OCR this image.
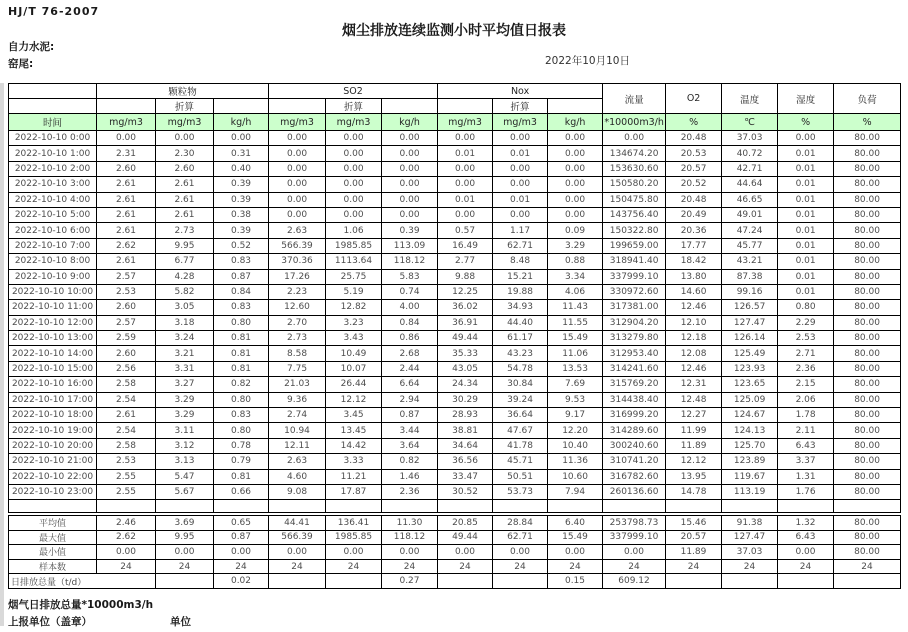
HJ/T 76-2007
烟尘排放连续监测小时平均值日报表
自力水泥:
窑尾:	2022年10月10日
	颗粒物			SO2			Nox			流量	O2	温度	湿度	负荷
		折算			折算			折算						
时间	mg/m3	mg/m3	kg/h	mg/m3	mg/m3	kg/h	mg/m3	mg/m3	kg/h	*10000m3/h	%	℃	%	%
2022-10-10 0:00	0.00	0.00	0.00	0.00	0.00	0.00	0.00	0.00	0.00	0.00	20.48	37.03	0.00	80.00
2022-10-10 1:00	2.31	2.30	0.31	0.00	0.00	0.00	0.01	0.01	0.00	134674.20	20.53	40.72	0.01	80.00
2022-10-10 2:00	2.60	2.60	0.40	0.00	0.00	0.00	0.00	0.00	0.00	153630.60	20.57	42.71	0.01	80.00
2022-10-10 3:00	2.61	2.61	0.39	0.00	0.00	0.00	0.00	0.00	0.00	150580.20	20.52	44.64	0.01	80.00
2022-10-10 4:00	2.61	2.61	0.39	0.00	0.00	0.00	0.01	0.01	0.00	150475.80	20.48	46.65	0.01	80.00
2022-10-10 5:00	2.61	2.61	0.38	0.00	0.00	0.00	0.00	0.00	0.00	143756.40	20.49	49.01	0.01	80.00
2022-10-10 6:00	2.61	2.73	0.39	2.63	1.06	0.39	0.57	1.17	0.09	150322.80	20.36	47.24	0.01	80.00
2022-10-10 7:00	2.62	9.95	0.52	566.39	1985.85	113.09	16.49	62.71	3.29	199659.00	17.77	45.77	0.01	80.00
2022-10-10 8:00	2.61	6.77	0.83	370.36	1113.64	118.12	2.77	8.48	0.88	318941.40	18.42	43.21	0.01	80.00
2022-10-10 9:00	2.57	4.28	0.87	17.26	25.75	5.83	9.88	15.21	3.34	337999.10	13.80	87.38	0.01	80.00
2022-10-10 10:00	2.53	5.82	0.84	2.23	5.19	0.74	12.25	19.88	4.06	330972.60	14.60	99.16	0.01	80.00
2022-10-10 11:00	2.60	3.05	0.83	12.60	12.82	4.00	36.02	34.93	11.43	317381.00	12.46	126.57	0.80	80.00
2022-10-10 12:00	2.57	3.18	0.80	2.70	3.23	0.84	36.91	44.40	11.55	312904.20	12.10	127.47	2.29	80.00
2022-10-10 13:00	2.59	3.24	0.81	2.73	3.43	0.86	49.44	61.17	15.49	313279.80	12.18	126.14	2.53	80.00
2022-10-10 14:00	2.60	3.21	0.81	8.58	10.49	2.68	35.33	43.23	11.06	312953.40	12.08	125.49	2.71	80.00
2022-10-10 15:00	2.56	3.31	0.81	7.75	10.07	2.44	43.05	54.78	13.53	314241.60	12.46	123.93	2.36	80.00
2022-10-10 16:00	2.58	3.27	0.82	21.03	26.44	6.64	24.34	30.84	7.69	315769.20	12.31	123.65	2.15	80.00
2022-10-10 17:00	2.54	3.29	0.80	9.36	12.12	2.94	30.29	39.24	9.53	314438.40	12.48	125.09	2.06	80.00
2022-10-10 18:00	2.61	3.29	0.83	2.74	3.45	0.87	28.93	36.64	9.17	316999.20	12.27	124.67	1.78	80.00
2022-10-10 19:00	2.54	3.11	0.80	10.94	13.45	3.44	38.81	47.67	12.20	314289.60	11.99	124.13	2.11	80.00
2022-10-10 20:00	2.58	3.12	0.78	12.11	14.42	3.64	34.64	41.78	10.40	300240.60	11.89	125.70	6.43	80.00
2022-10-10 21:00	2.53	3.13	0.79	2.63	3.33	0.82	36.56	45.71	11.36	310741.20	12.12	123.89	3.37	80.00
2022-10-10 22:00	2.55	5.47	0.81	4.60	11.21	1.46	33.47	50.51	10.60	316782.60	13.95	119.67	1.31	80.00
2022-10-10 23:00	2.55	5.67	0.66	9.08	17.87	2.36	30.52	53.73	7.94	260136.60	14.78	113.19	1.76	80.00

平均值	2.46	3.69	0.65	44.41	136.41	11.30	20.85	28.84	6.40	253798.73	15.46	91.38	1.32	80.00
最大值	2.62	9.95	0.87	566.39	1985.85	118.12	49.44	62.71	15.49	337999.10	20.57	127.47	6.43	80.00
最小值	0.00	0.00	0.00	0.00	0.00	0.00	0.00	0.00	0.00	0.00	11.89	37.03	0.00	80.00
样本数	24	24	24	24	24	24	24	24	24	24	24	24	24	24
日排放总量（t/d）			0.02			0.27			0.15	609.12				
烟气日排放总量*10000m3/h
上报单位（盖章）	单位
